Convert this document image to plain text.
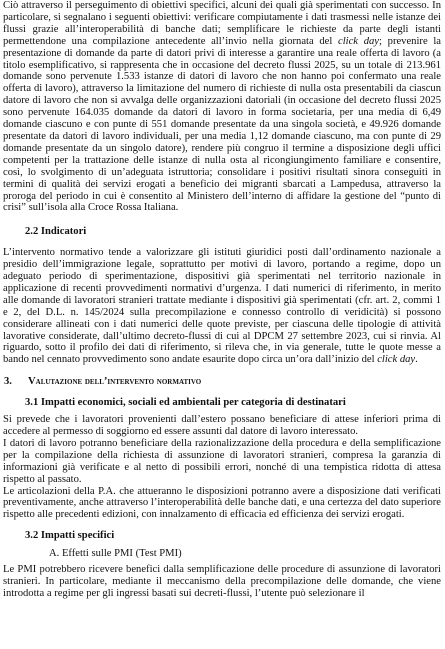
Ciò attraverso il perseguimento di obiettivi specifici, alcuni dei quali già sperimentati con successo. In particolare, si segnalano i seguenti obiettivi: verificare compiutamente i dati trasmessi nelle istanze dei flussi grazie all’interoperabilità di banche dati; semplificare le richieste da parte degli istanti permettendone una compilazione antecedente all’invio nella giornata del click day; prevenire la presentazione di domande da parte di datori privi di interesse a garantire una reale offerta di lavoro (a titolo esemplificativo, si rappresenta che in occasione del decreto flussi 2025, su un totale di 213.961 domande sono pervenute 1.533 istanze di datori di lavoro che non hanno poi confermato una reale offerta di lavoro), attraverso la limitazione del numero di richieste di nulla osta presentabili da ciascun datore di lavoro che non si avvalga delle organizzazioni datoriali (in occasione del decreto flussi 2025 sono pervenute 164.035 domande da datori di lavoro in forma societaria, per una media di 6,49 domande ciascuno e con punte di 551 domande presentate da una singola società, e 49.926 domande presentate da datori di lavoro individuali, per una media 1,12 domande ciascuno, ma con punte di 29 domande presentate da un singolo datore), rendere più congruo il termine a disposizione degli uffici competenti per la trattazione delle istanze di nulla osta al ricongiungimento familiare e consentire, così, lo svolgimento di un’adeguata istruttoria; consolidare i positivi risultati sinora conseguiti in termini di qualità dei servizi erogati a beneficio dei migranti sbarcati a Lampedusa, attraverso la proroga del periodo in cui è consentito al Ministero dell’interno di affidare la gestione del “punto di crisi” sull’isola alla Croce Rossa Italiana.

2.2 Indicatori

L’intervento normativo tende a valorizzare gli istituti giuridici posti dall’ordinamento nazionale a presidio dell’immigrazione legale, soprattutto per motivi di lavoro, portando a regime, dopo un adeguato periodo di sperimentazione, dispositivi già sperimentati nel territorio nazionale in applicazione di recenti provvedimenti normativi d’urgenza. I dati numerici di riferimento, in merito alle domande di lavoratori stranieri trattate mediante i dispositivi già sperimentati (cfr. art. 2, commi 1 e 2, del D.L. n. 145/2024 sulla precompilazione e connesso controllo di veridicità) si possono considerare allineati con i dati numerici delle quote previste, per ciascuna delle tipologie di attività lavorative considerate, dall’ultimo decreto-flussi di cui al DPCM 27 settembre 2023, cui si rinvia. Al riguardo, sotto il profilo dei dati di riferimento, si rileva che, in via generale, tutte le quote messe a bando nel cennato provvedimento sono andate esaurite dopo circa un’ora dall’inizio del click day.

3.	Valutazione dell’intervento normativo
3.1 Impatti economici, sociali ed ambientali per categoria di destinatari

Si prevede che i lavoratori provenienti dall’estero possano beneficiare di attese inferiori prima di accedere al permesso di soggiorno ed essere assunti dal datore di lavoro interessato.

I datori di lavoro potranno beneficiare della razionalizzazione della procedura e della semplificazione per la compilazione della richiesta di assunzione di lavoratori stranieri, compresa la garanzia di informazioni già verificate e al netto di possibili errori, nonché di una tempistica ridotta di attesa rispetto al passato.

Le articolazioni della P.A. che attueranno le disposizioni potranno avere a disposizione dati verificati preventivamente, anche attraverso l’interoperabilità delle banche dati, e una certezza del dato superiore rispetto alle precedenti edizioni, con innalzamento di efficacia ed efficienza dei servizi erogati.

3.2 Impatti specifici
A. Effetti sulle PMI (Test PMI)

Le PMI potrebbero ricevere benefici dalla semplificazione delle procedure di assunzione di lavoratori stranieri. In particolare, mediante il meccanismo della precompilazione delle domande, che viene introdotta a regime per gli ingressi basati sui decreti-flussi, l’utente può selezionare il
